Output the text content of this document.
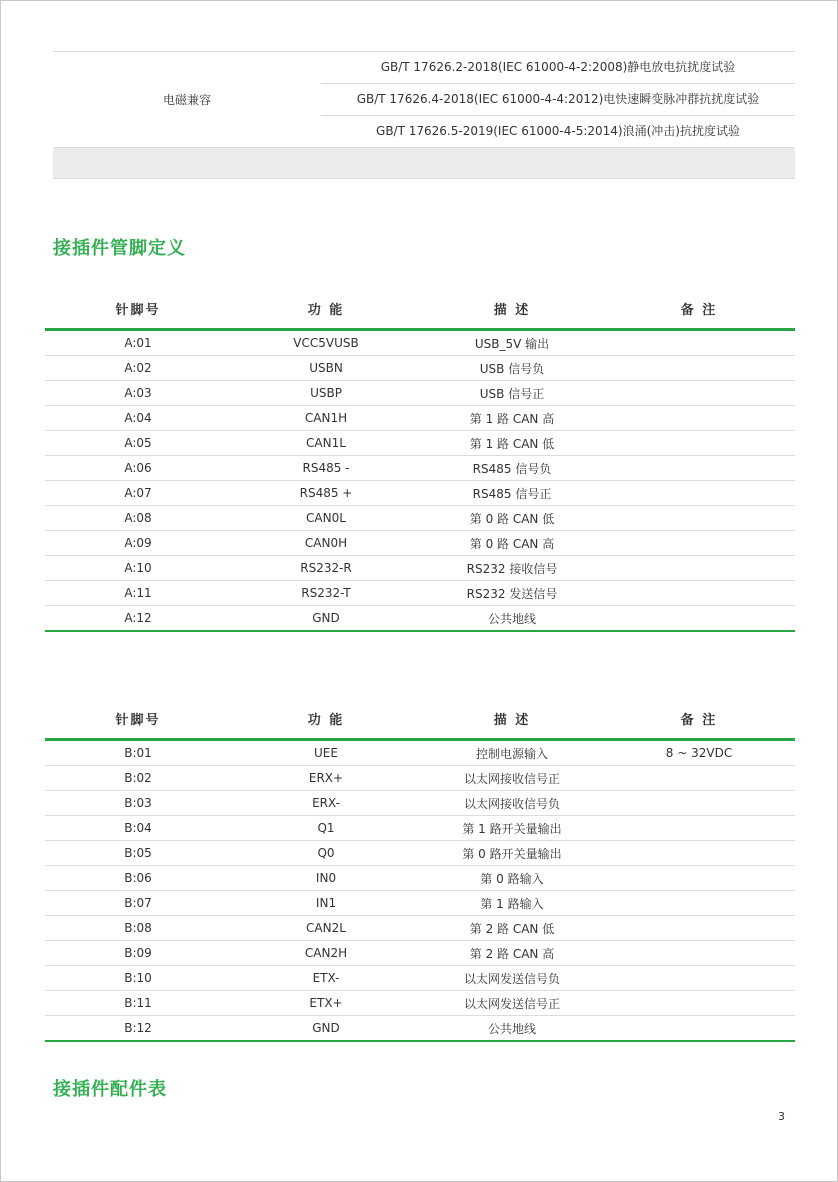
电磁兼容
GB/T 17626.2-2018(IEC 61000-4-2:2008)静电放电抗扰度试验
GB/T 17626.4-2018(IEC 61000-4-4:2012)电快速瞬变脉冲群抗扰度试验
GB/T 17626.5-2019(IEC 61000-4-5:2014)浪涌(冲击)抗扰度试验
接插件管脚定义
针脚号	功 能	描 述	备 注
A:01	VCC5VUSB	USB_5V 输出
A:02	USBN	USB 信号负
A:03	USBP	USB 信号正
A:04	CAN1H	第 1 路 CAN 高
A:05	CAN1L	第 1 路 CAN 低
A:06	RS485 -	RS485 信号负
A:07	RS485 +	RS485 信号正
A:08	CAN0L	第 0 路 CAN 低
A:09	CAN0H	第 0 路 CAN 高
A:10	RS232-R	RS232 接收信号
A:11	RS232-T	RS232 发送信号
A:12	GND	公共地线
针脚号	功 能	描 述	备 注
B:01	UEE	控制电源输入	8 ~ 32VDC
B:02	ERX+	以太网接收信号正
B:03	ERX-	以太网接收信号负
B:04	Q1	第 1 路开关量输出
B:05	Q0	第 0 路开关量输出
B:06	IN0	第 0 路输入
B:07	IN1	第 1 路输入
B:08	CAN2L	第 2 路 CAN 低
B:09	CAN2H	第 2 路 CAN 高
B:10	ETX-	以太网发送信号负
B:11	ETX+	以太网发送信号正
B:12	GND	公共地线
接插件配件表
3
